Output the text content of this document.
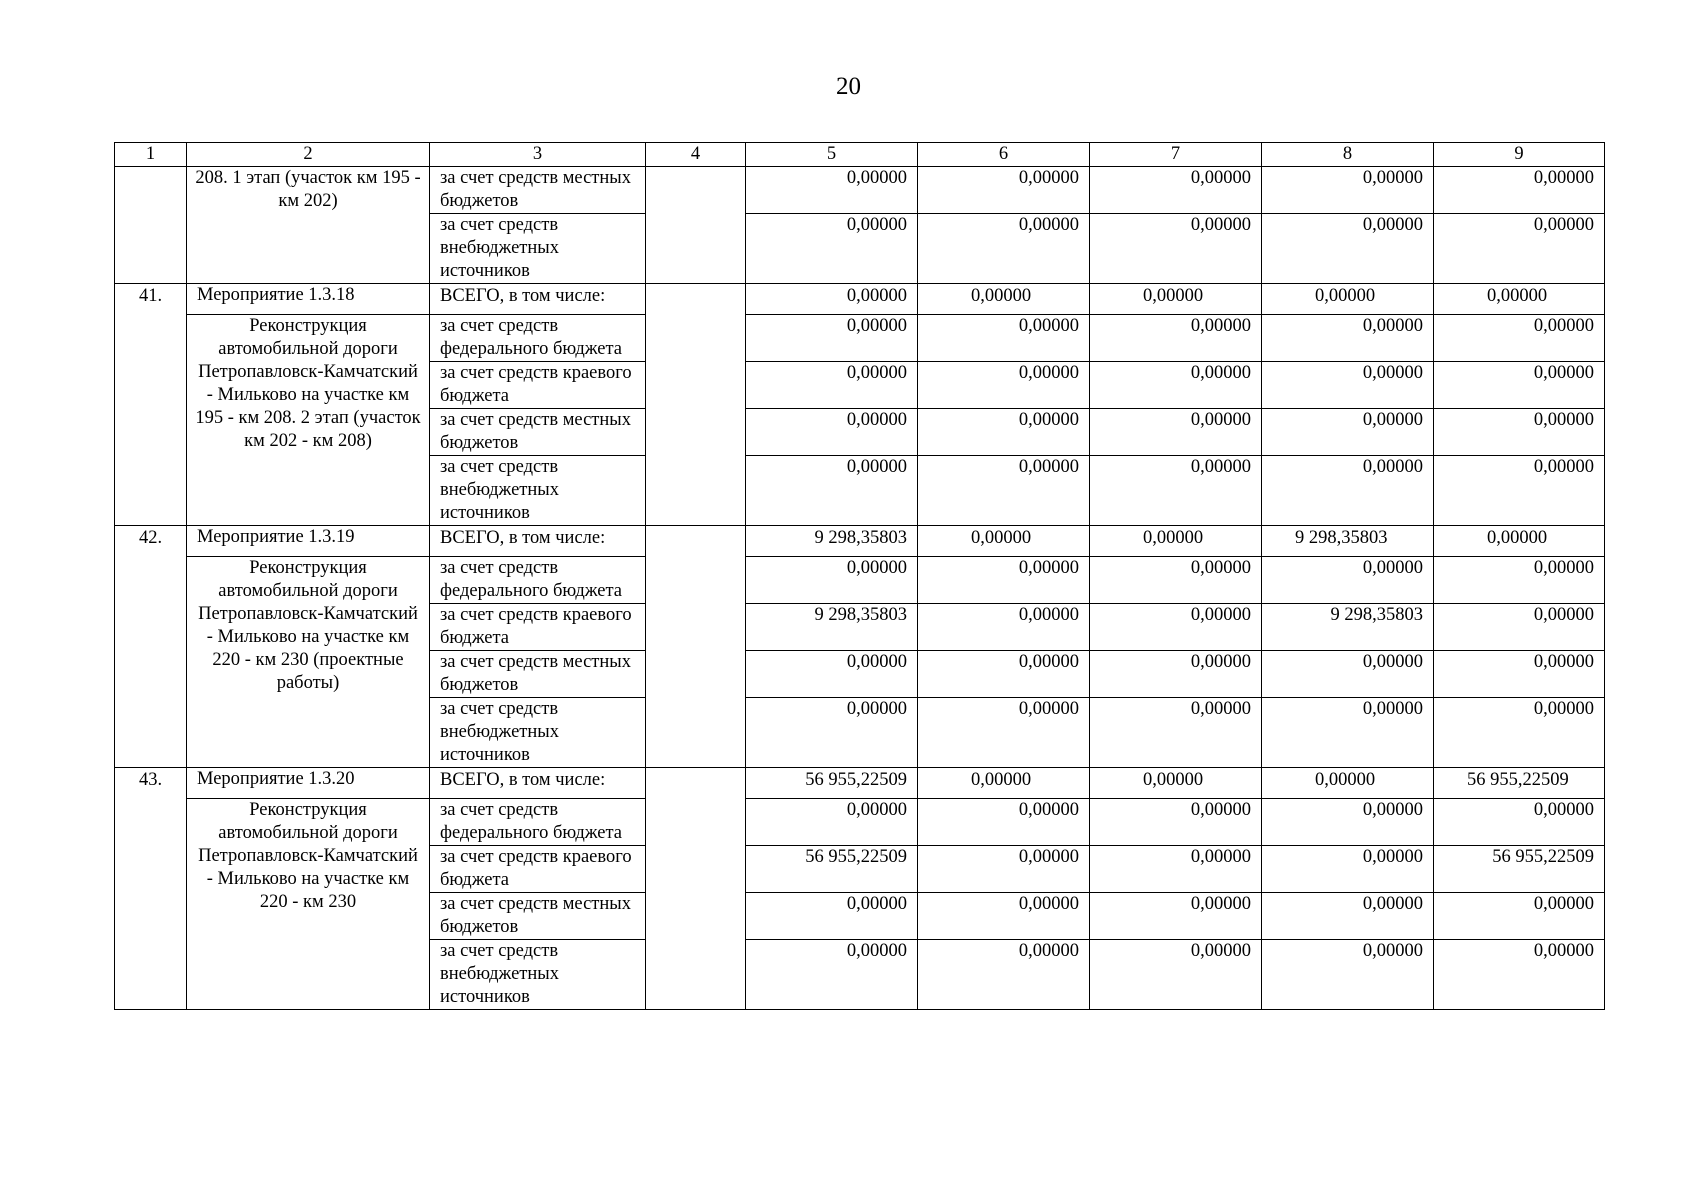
20
1	2	3	4	5	6	7	8	9
	208. 1 этап (участок км 195 - км 202)	за счет средств местных бюджетов		0,00000	0,00000	0,00000	0,00000	0,00000
		за счет средств внебюджетных источников		0,00000	0,00000	0,00000	0,00000	0,00000
41.	Мероприятие 1.3.18	ВСЕГО, в том числе:		0,00000	0,00000	0,00000	0,00000	0,00000
	Реконструкция автомобильной дороги Петропавловск-Камчатский - Мильково на участке км 195 - км 208. 2 этап (участок км 202 - км 208)	за счет средств федерального бюджета		0,00000	0,00000	0,00000	0,00000	0,00000
		за счет средств краевого бюджета		0,00000	0,00000	0,00000	0,00000	0,00000
		за счет средств местных бюджетов		0,00000	0,00000	0,00000	0,00000	0,00000
		за счет средств внебюджетных источников		0,00000	0,00000	0,00000	0,00000	0,00000
42.	Мероприятие 1.3.19	ВСЕГО, в том числе:		9 298,35803	0,00000	0,00000	9 298,35803	0,00000
	Реконструкция автомобильной дороги Петропавловск-Камчатский - Мильково на участке км 220 - км 230 (проектные работы)	за счет средств федерального бюджета		0,00000	0,00000	0,00000	0,00000	0,00000
		за счет средств краевого бюджета		9 298,35803	0,00000	0,00000	9 298,35803	0,00000
		за счет средств местных бюджетов		0,00000	0,00000	0,00000	0,00000	0,00000
		за счет средств внебюджетных источников		0,00000	0,00000	0,00000	0,00000	0,00000
43.	Мероприятие 1.3.20	ВСЕГО, в том числе:		56 955,22509	0,00000	0,00000	0,00000	56 955,22509
	Реконструкция автомобильной дороги Петропавловск-Камчатский - Мильково на участке км 220 - км 230	за счет средств федерального бюджета		0,00000	0,00000	0,00000	0,00000	0,00000
		за счет средств краевого бюджета		56 955,22509	0,00000	0,00000	0,00000	56 955,22509
		за счет средств местных бюджетов		0,00000	0,00000	0,00000	0,00000	0,00000
		за счет средств внебюджетных источников		0,00000	0,00000	0,00000	0,00000	0,00000
